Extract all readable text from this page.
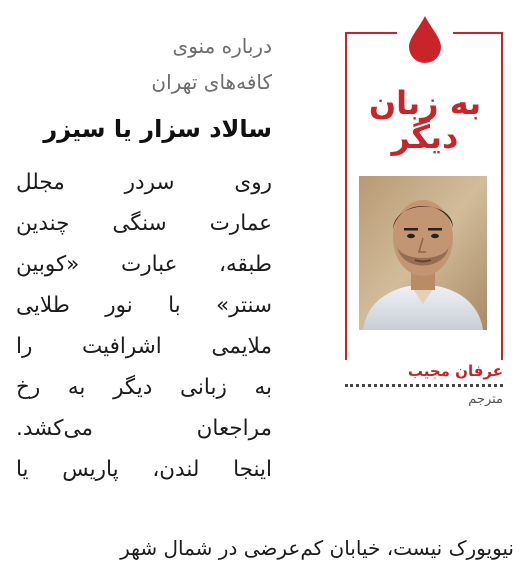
درباره منوی

کافه‌های تهران

سالاد سزار یا سیزر

روی سردر مجلل
عمارت سنگی چندین
طبقه، عبارت «کوبین
سنتر» با نور طلایی
ملایمی اشرافیت را
به زبانی دیگر به رخ
مراجعان می‌کشد.
اینجا لندن، پاریس یا

نیویورک نیست، خیابان کم‌عرضی در شمال شهر
به زبان
دیگر
عرفان مجیب
مترجم
